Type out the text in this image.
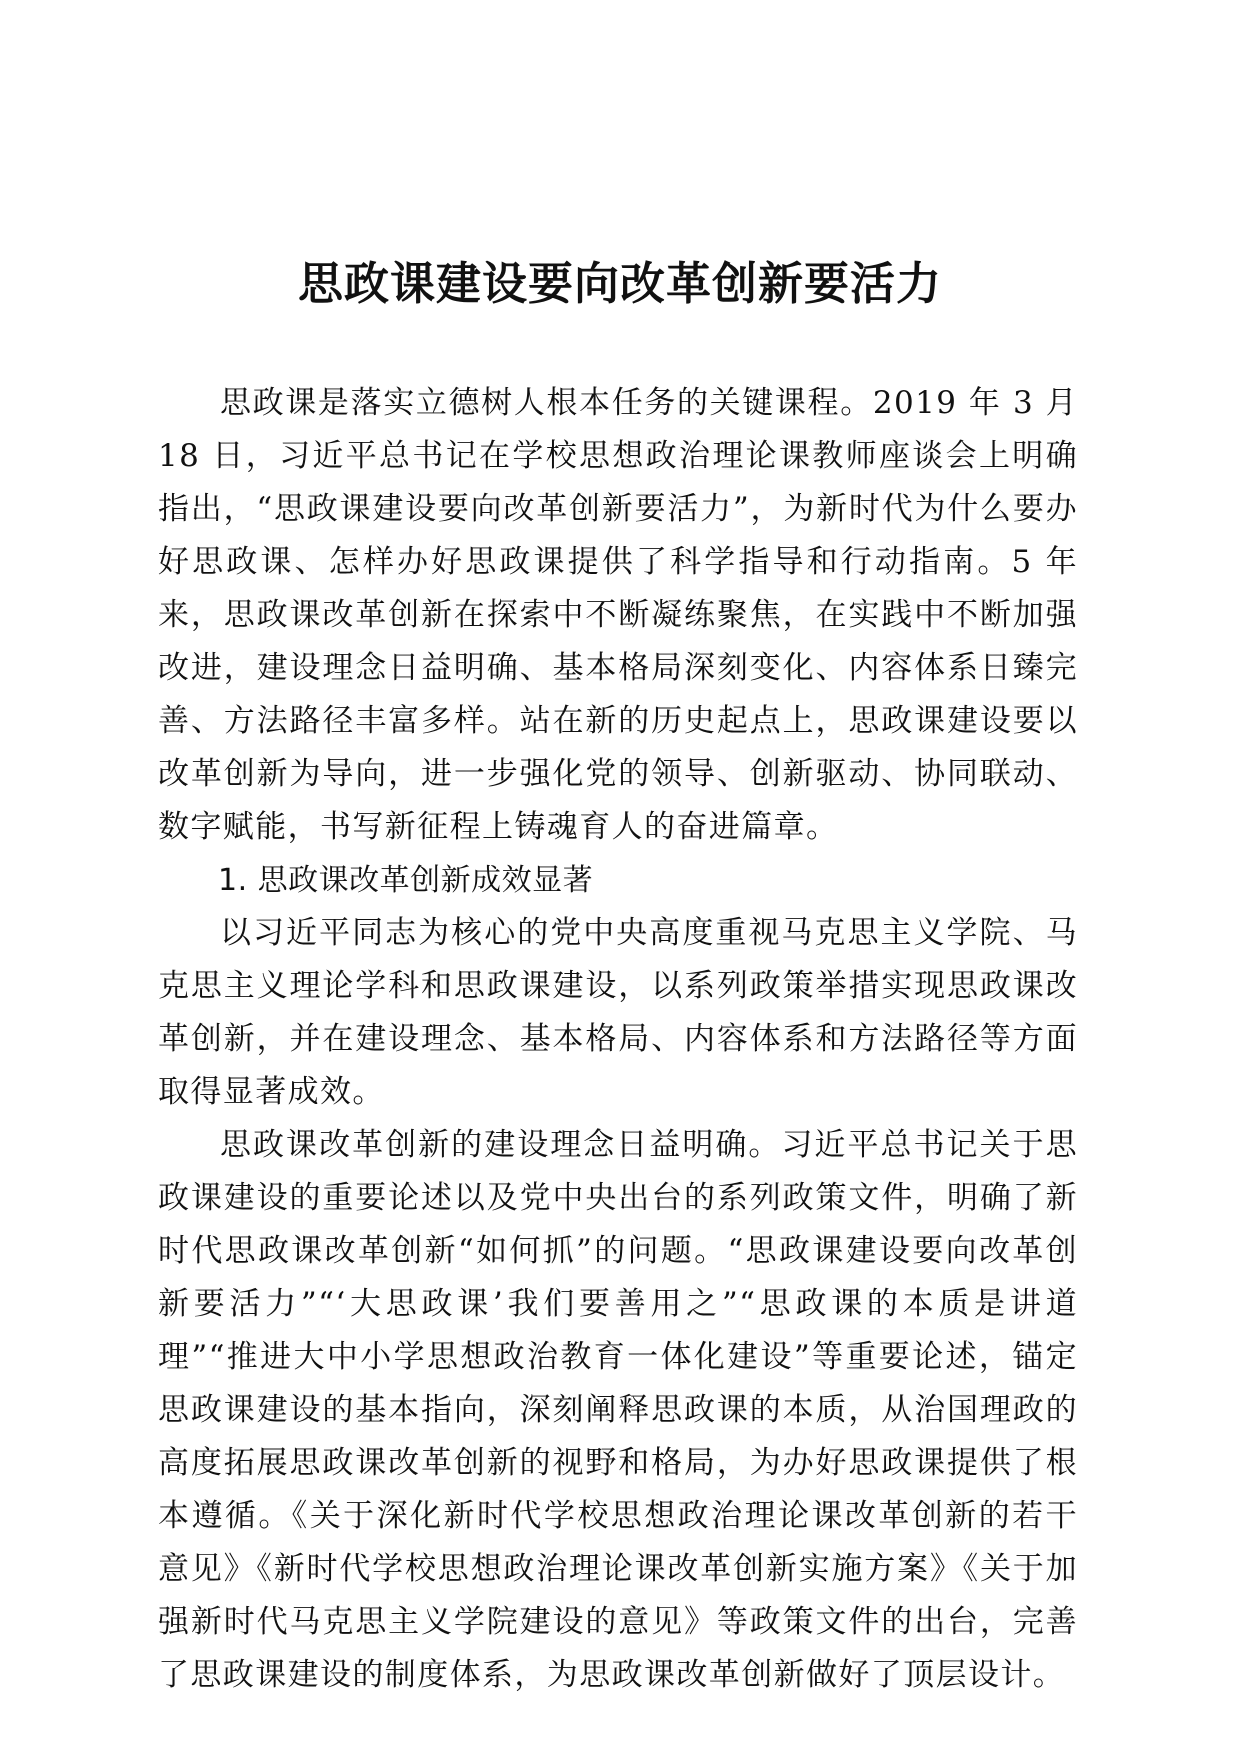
思政课建设要向改革创新要活力

思政课是落实立德树人根本任务的关键课程。2019 年 3 月 18 日，习近平总书记在学校思想政治理论课教师座谈会上明确指出，“思政课建设要向改革创新要活力”，为新时代为什么要办好思政课、怎样办好思政课提供了科学指导和行动指南。5 年来，思政课改革创新在探索中不断凝练聚焦，在实践中不断加强改进，建设理念日益明确、基本格局深刻变化、内容体系日臻完善、方法路径丰富多样。站在新的历史起点上，思政课建设要以改革创新为导向，进一步强化党的领导、创新驱动、协同联动、数字赋能，书写新征程上铸魂育人的奋进篇章。

1. 思政课改革创新成效显著

以习近平同志为核心的党中央高度重视马克思主义学院、马克思主义理论学科和思政课建设，以系列政策举措实现思政课改革创新，并在建设理念、基本格局、内容体系和方法路径等方面取得显著成效。

思政课改革创新的建设理念日益明确。习近平总书记关于思政课建设的重要论述以及党中央出台的系列政策文件，明确了新时代思政课改革创新“如何抓”的问题。“思政课建设要向改革创新要活力”“‘大思政课’我们要善用之”“思政课的本质是讲道理”“推进大中小学思想政治教育一体化建设”等重要论述，锚定思政课建设的基本指向，深刻阐释思政课的本质，从治国理政的高度拓展思政课改革创新的视野和格局，为办好思政课提供了根本遵循。《关于深化新时代学校思想政治理论课改革创新的若干意见》《新时代学校思想政治理论课改革创新实施方案》《关于加强新时代马克思主义学院建设的意见》等政策文件的出台，完善了思政课建设的制度体系，为思政课改革创新做好了顶层设计。
